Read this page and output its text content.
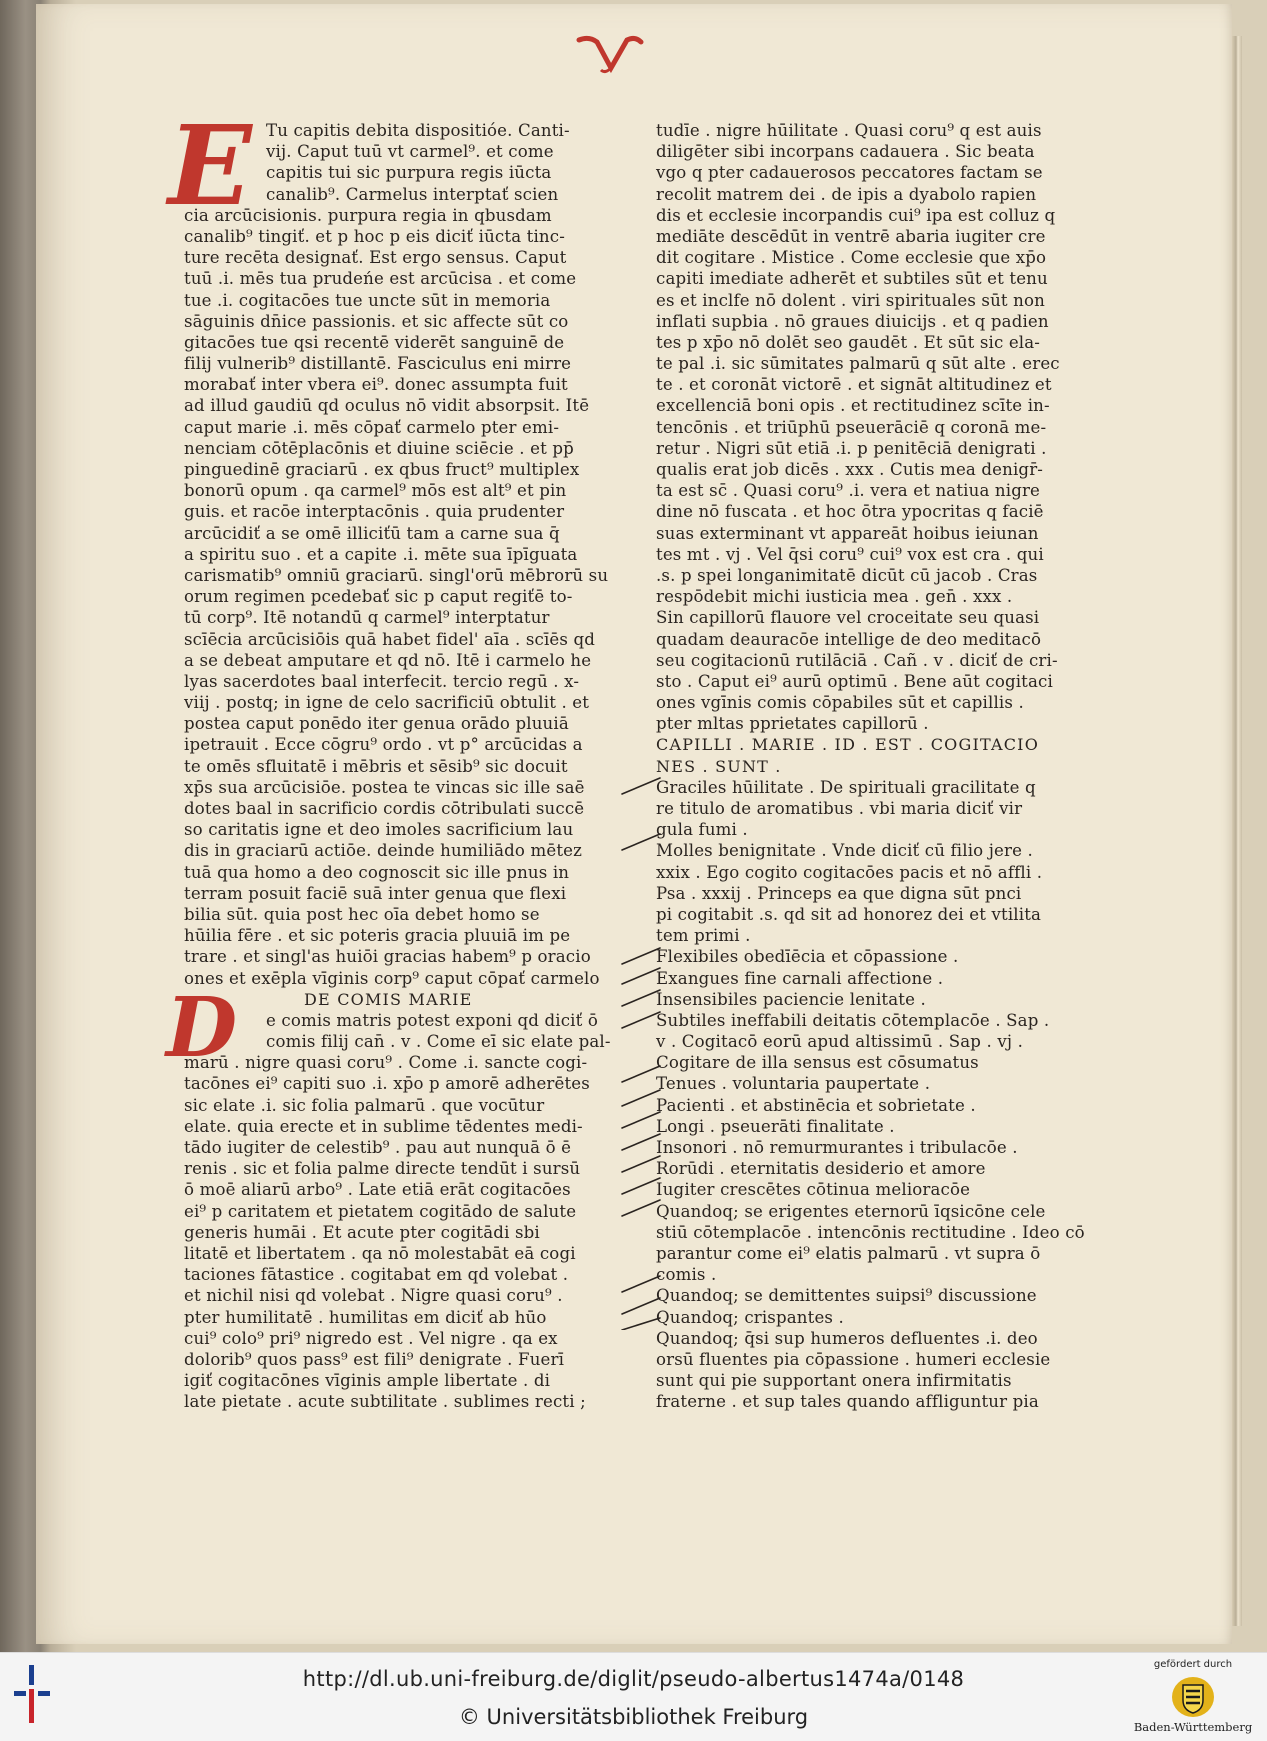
E
D
Tu capitis debita dispositióe. Canti-
vij. Caput tuū vt carmel⁹. et come
capitis tui sic purpura regis iūcta
canalib⁹. Carmelus interptať scien
cia arcūcisionis. purpura regia in qbusdam
canalib⁹ tingiť. et p hoc p eis diciť iūcta tinc-
ture recēta designať. Est ergo sensus. Caput
tuū .i. mēs tua prudeńe est arcūcisa . et come
tue .i. cogitacōes tue uncte sūt in memoria
sāguinis dn̄ice passionis. et sic affecte sūt co
gitacōes tue qsi recentē viderēt sanguinē de
filij vulnerib⁹ distillantē. Fasciculus eni mirre
morabať inter vbera ei⁹. donec assumpta fuit
ad illud gaudiū qd oculus nō vidit absorpsit. Itē
caput marie .i. mēs cōpať carmelo pter emi-
nenciam cōtēplacōnis et diuine sciēcie . et pp̄
pinguedinē graciarū . ex qbus fruct⁹ multiplex
bonorū opum . qa carmel⁹ mōs est alt⁹ et pin
guis. et racōe interptacōnis . quia prudenter
arcūcidiť a se omē illiciťū tam a carne sua q̄
a spiritu suo . et a capite .i. mēte sua īpīguata
carismatib⁹ omniū graciarū. singl'orū mēbrorū su
orum regimen pcedebať sic p caput regiťē to-
tū corp⁹. Itē notandū q carmel⁹ interptatur
scīēcia arcūcisiōis quā habet fidel' aīa . scīēs qd
a se debeat amputare et qd nō. Itē i carmelo he
lyas sacerdotes baal interfecit. tercio regū . x-
viij . postq; in igne de celo sacrificiū obtulit . et
postea caput ponēdo iter genua orādo pluuiā
ipetrauit . Ecce cōgru⁹ ordo . vt p° arcūcidas a
te omēs sfluitatē i mēbris et sēsib⁹ sic docuit
xp̄s sua arcūcisiōe. postea te vincas sic ille saē
dotes baal in sacrificio cordis cōtribulati succē
so caritatis igne et deo imoles sacrificium lau
dis in graciarū actiōe. deinde humiliādo mētez
tuā qua homo a deo cognoscit sic ille pnus in
terram posuit faciē suā inter genua que flexi
bilia sūt. quia post hec oīa debet homo se
hūilia fēre . et sic poteris gracia pluuiā im pe
trare . et singl'as huiōi gracias habem⁹ p oracio
ones et exēpla vīginis corp⁹ caput cōpať carmelo
DE COMIS MARIE
e comis matris potest exponi qd diciť ō
comis filij can̄ . v . Come eī sic elate pal-
marū . nigre quasi coru⁹ . Come .i. sancte cogi-
tacōnes ei⁹ capiti suo .i. xp̄o p amorē adherētes
sic elate .i. sic folia palmarū . que vocūtur
elate. quia erecte et in sublime tēdentes medi-
tādo iugiter de celestib⁹ . pau aut nunquā ō ē
renis . sic et folia palme directe tendūt i sursū
ō moē aliarū arbo⁹ . Late etiā erāt cogitacōes
ei⁹ p caritatem et pietatem cogitādo de salute
generis humāi . Et acute pter cogitādi sbi
litatē et libertatem . qa nō molestabāt eā cogi
taciones fātastice . cogitabat em qd volebat .
et nichil nisi qd volebat . Nigre quasi coru⁹ .
pter humilitatē . humilitas em diciť ab hūo
cui⁹ colo⁹ pri⁹ nigredo est . Vel nigre . qa ex
dolorib⁹ quos pass⁹ est fili⁹ denigrate . Fuerī
igiť cogitacōnes vīginis ample libertate . di
late pietate . acute subtilitate . sublimes recti ;
tudīe . nigre hūilitate . Quasi coru⁹ q est auis
diligēter sibi incorpans cadauera . Sic beata
vgo q pter cadauerosos peccatores factam se
recolit matrem dei . de ipis a dyabolo rapien
dis et ecclesie incorpandis cui⁹ ipa est colluz q
mediāte descēdūt in ventrē abaria iugiter cre
dit cogitare . Mistice . Come ecclesie que xp̄o
capiti imediate adherēt et subtiles sūt et tenu
es et inclfe nō dolent . viri spirituales sūt non
inflati supbia . nō graues diuicijs . et q padien
tes p xp̄o nō dolēt seo gaudēt . Et sūt sic ela-
te pal .i. sic sūmitates palmarū q sūt alte . erec
te . et coronāt victorē . et signāt altitudinez et
excellenciā boni opis . et rectitudinez scīte in-
tencōnis . et triūphū pseuerāciē q coronā me-
retur . Nigri sūt etiā .i. p penitēciā denigrati .
qualis erat job dicēs . xxx . Cutis mea denigr̄-
ta est sc̄ . Quasi coru⁹ .i. vera et natiua nigre
dine nō fuscata . et hoc ōtra ypocritas q faciē
suas exterminant vt appareāt hoibus ieiunan
tes mt . vj . Vel q̄si coru⁹ cui⁹ vox est cra . qui
.s. p spei longanimitatē dicūt cū jacob . Cras
respōdebit michi iusticia mea . gen̄ . xxx .
Sin capillorū flauore vel croceitate seu quasi
quadam deauracōe intellige de deo meditacō
seu cogitacionū rutilāciā . Cañ . v . diciť de cri-
sto . Caput ei⁹ aurū optimū . Bene aūt cogitaci
ones vgīnis comis cōpabiles sūt et capillis .
pter mltas pprietates capillorū .
CAPILLI . MARIE . ID . EST . COGITACIO
NES . SUNT .
Graciles hūilitate . De spirituali gracilitate q
re titulo de aromatibus . vbi maria diciť vir
gula fumi .
Molles benignitate . Vnde diciť cū filio jere .
xxix . Ego cogito cogitacōes pacis et nō affli .
Psa . xxxij . Princeps ea que digna sūt pnci
pi cogitabit .s. qd sit ad honorez dei et vtilita
tem primi .
Flexibiles obedīēcia et cōpassione .
Exangues fine carnali affectione .
Insensibiles paciencie lenitate .
Subtiles ineffabili deitatis cōtemplacōe . Sap .
v . Cogitacō eorū apud altissimū . Sap . vj .
Cogitare de illa sensus est cōsumatus
Tenues . voluntaria paupertate .
Pacienti . et abstinēcia et sobrietate .
Longi . pseuerāti finalitate .
Insonori . nō remurmurantes i tribulacōe .
Rorūdi . eternitatis desiderio et amore
Iugiter crescētes cōtinua melioracōe
Quandoq; se erigentes eternorū īqsicōne cele
stiū cōtemplacōe . intencōnis rectitudine . Ideo cō
parantur come ei⁹ elatis palmarū . vt supra ō
comis .
Quandoq; se demittentes suipsi⁹ discussione
Quandoq; crispantes .
Quandoq; q̄si sup humeros defluentes .i. deo
orsū fluentes pia cōpassione . humeri ecclesie
sunt qui pie supportant onera infirmitatis
fraterne . et sup tales quando affliguntur pia
http://dl.ub.uni-freiburg.de/diglit/pseudo-albertus1474a/0148
© Universitätsbibliothek Freiburg
gefördert durch
Baden-Württemberg
